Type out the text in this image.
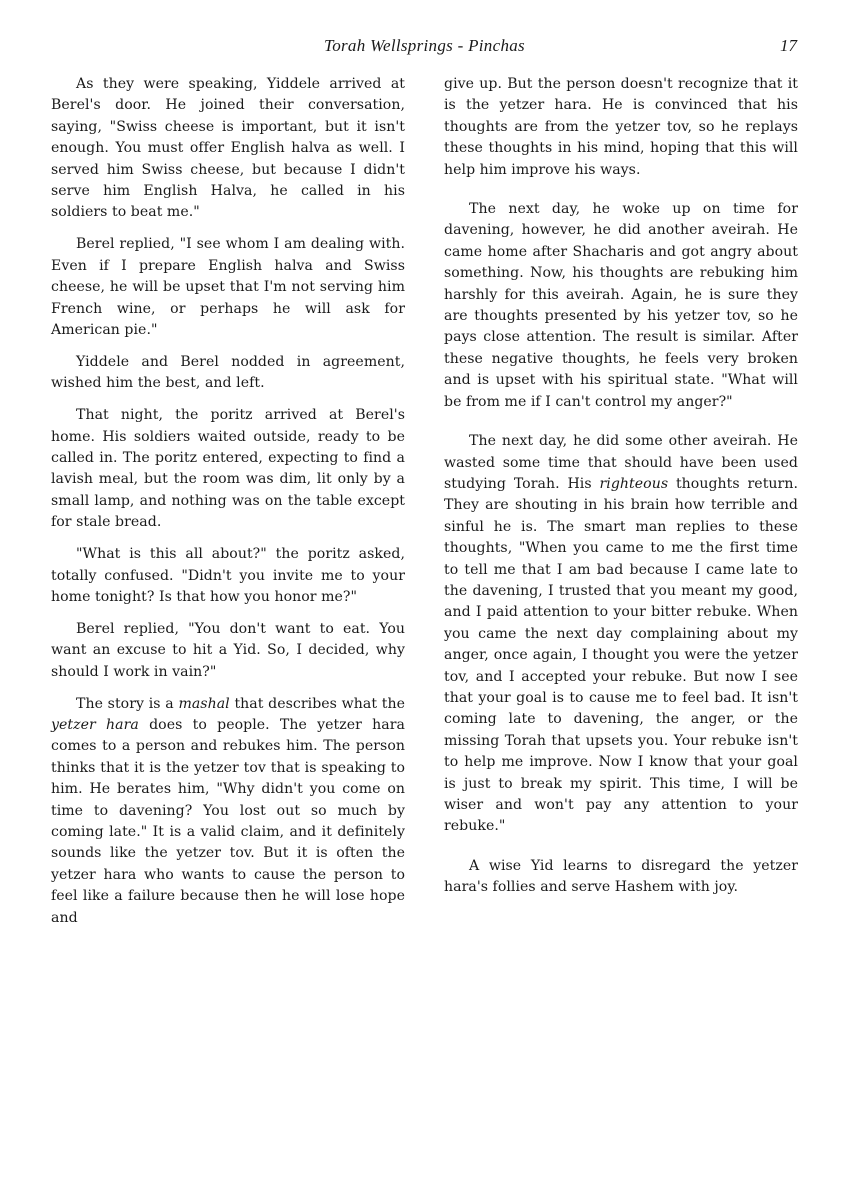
Torah Wellsprings - Pinchas	17

As they were speaking, Yiddele arrived at Berel's door. He joined their conversation, saying, "Swiss cheese is important, but it isn't enough. You must offer English halva as well. I served him Swiss cheese, but because I didn't serve him English Halva, he called in his soldiers to beat me."

Berel replied, "I see whom I am dealing with. Even if I prepare English halva and Swiss cheese, he will be upset that I'm not serving him French wine, or perhaps he will ask for American pie."

Yiddele and Berel nodded in agreement, wished him the best, and left.

That night, the poritz arrived at Berel's home. His soldiers waited outside, ready to be called in. The poritz entered, expecting to find a lavish meal, but the room was dim, lit only by a small lamp, and nothing was on the table except for stale bread.

"What is this all about?" the poritz asked, totally confused. "Didn't you invite me to your home tonight? Is that how you honor me?"

Berel replied, "You don't want to eat. You want an excuse to hit a Yid. So, I decided, why should I work in vain?"

The story is a mashal that describes what the yetzer hara does to people. The yetzer hara comes to a person and rebukes him. The person thinks that it is the yetzer tov that is speaking to him. He berates him, "Why didn't you come on time to davening? You lost out so much by coming late." It is a valid claim, and it definitely sounds like the yetzer tov. But it is often the yetzer hara who wants to cause the person to feel like a failure because then he will lose hope and

give up. But the person doesn't recognize that it is the yetzer hara. He is convinced that his thoughts are from the yetzer tov, so he replays these thoughts in his mind, hoping that this will help him improve his ways.

The next day, he woke up on time for davening, however, he did another aveirah. He came home after Shacharis and got angry about something. Now, his thoughts are rebuking him harshly for this aveirah. Again, he is sure they are thoughts presented by his yetzer tov, so he pays close attention. The result is similar. After these negative thoughts, he feels very broken and is upset with his spiritual state. "What will be from me if I can't control my anger?"

The next day, he did some other aveirah. He wasted some time that should have been used studying Torah. His righteous thoughts return. They are shouting in his brain how terrible and sinful he is. The smart man replies to these thoughts, "When you came to me the first time to tell me that I am bad because I came late to the davening, I trusted that you meant my good, and I paid attention to your bitter rebuke. When you came the next day complaining about my anger, once again, I thought you were the yetzer tov, and I accepted your rebuke. But now I see that your goal is to cause me to feel bad. It isn't coming late to davening, the anger, or the missing Torah that upsets you. Your rebuke isn't to help me improve. Now I know that your goal is just to break my spirit. This time, I will be wiser and won't pay any attention to your rebuke."

A wise Yid learns to disregard the yetzer hara's follies and serve Hashem with joy.
